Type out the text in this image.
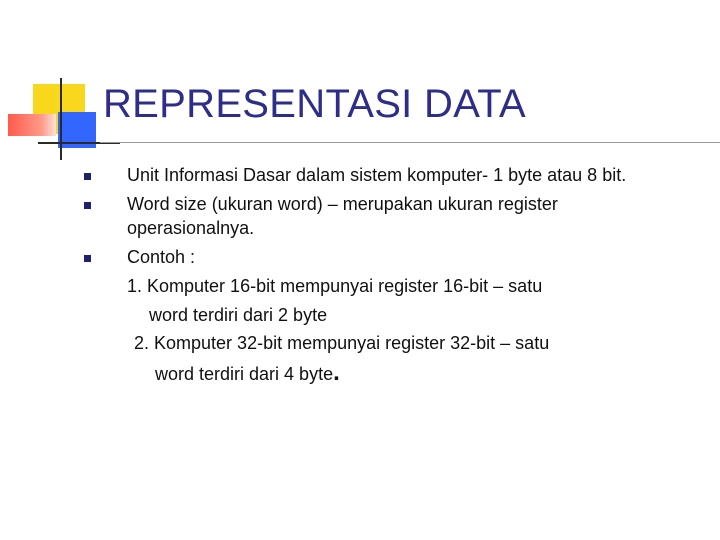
REPRESENTASI DATA
Unit Informasi Dasar dalam sistem komputer- 1 byte atau 8 bit.
Word size (ukuran word) – merupakan ukuran register
operasionalnya.
Contoh :
1. Komputer 16-bit mempunyai register 16-bit – satu
word terdiri dari 2 byte
2. Komputer 32-bit mempunyai register 32-bit – satu
word terdiri dari 4 byte.
